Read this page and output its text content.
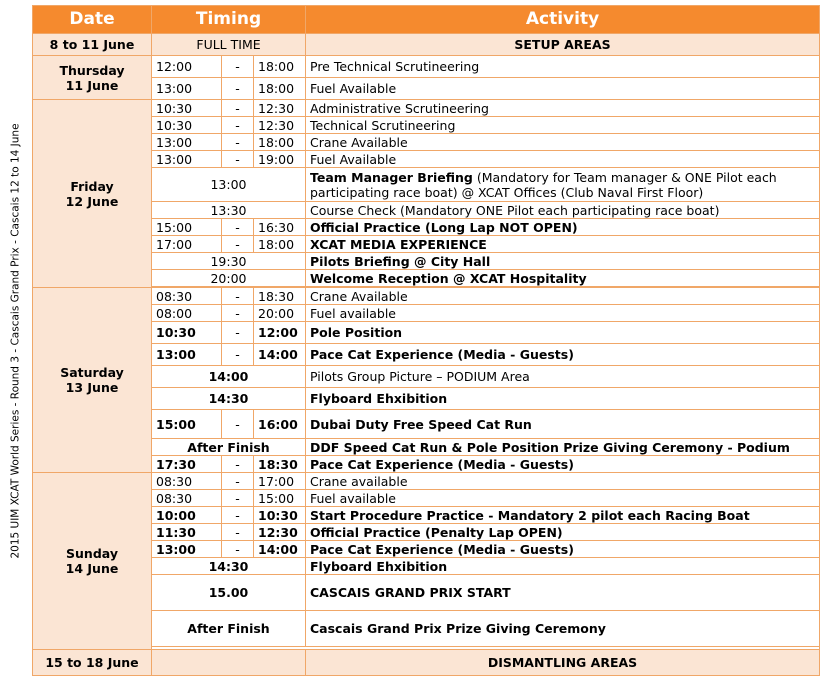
2015 UIM XCAT World Series - Round 3 - Cascais Grand Prix - Cascais 12 to 14 June
Date	Timing			Activity
8 to 11 June	FULL TIME			SETUP AREAS
Thursday
11 June	12:00	-	18:00	Pre Technical Scrutineering
	13:00	-	18:00	Fuel Available
Friday
12 June	10:30	-	12:30	Administrative Scrutineering
	10:30	-	12:30	Technical Scrutineering
	13:00	-	18:00	Crane Available
	13:00	-	19:00	Fuel Available
	13:00			Team Manager Briefing (Mandatory for Team manager & ONE Pilot each
participating race boat) @ XCAT Offices (Club Naval First Floor)
	13:30			Course Check (Mandatory ONE Pilot each participating race boat)
	15:00	-	16:30	Official Practice (Long Lap NOT OPEN)
	17:00	-	18:00	XCAT MEDIA EXPERIENCE
	19:30			Pilots Briefing @ City Hall
	20:00			Welcome Reception @ XCAT Hospitality

Saturday
13 June	08:30	-	18:30	Crane Available
	08:00	-	20:00	Fuel available
	10:30	-	12:00	Pole Position
	13:00	-	14:00	Pace Cat Experience (Media - Guests)
	14:00			Pilots Group Picture – PODIUM Area
	14:30			Flyboard Ehxibition
	15:00	-	16:00	Dubai Duty Free Speed Cat Run
	After Finish			DDF Speed Cat Run & Pole Position Prize Giving Ceremony - Podium
	17:30	-	18:30	Pace Cat Experience (Media - Guests)
Sunday
14 June	08:30	-	17:00	Crane available
	08:30	-	15:00	Fuel available
	10:00	-	10:30	Start Procedure Practice - Mandatory 2 pilot each Racing Boat
	11:30	-	12:30	Official Practice (Penalty Lap OPEN)
	13:00	-	14:00	Pace Cat Experience (Media - Guests)
	14:30			Flyboard Ehxibition
	15.00			CASCAIS GRAND PRIX START
	After Finish			Cascais Grand Prix Prize Giving Ceremony

15 to 18 June				DISMANTLING AREAS
